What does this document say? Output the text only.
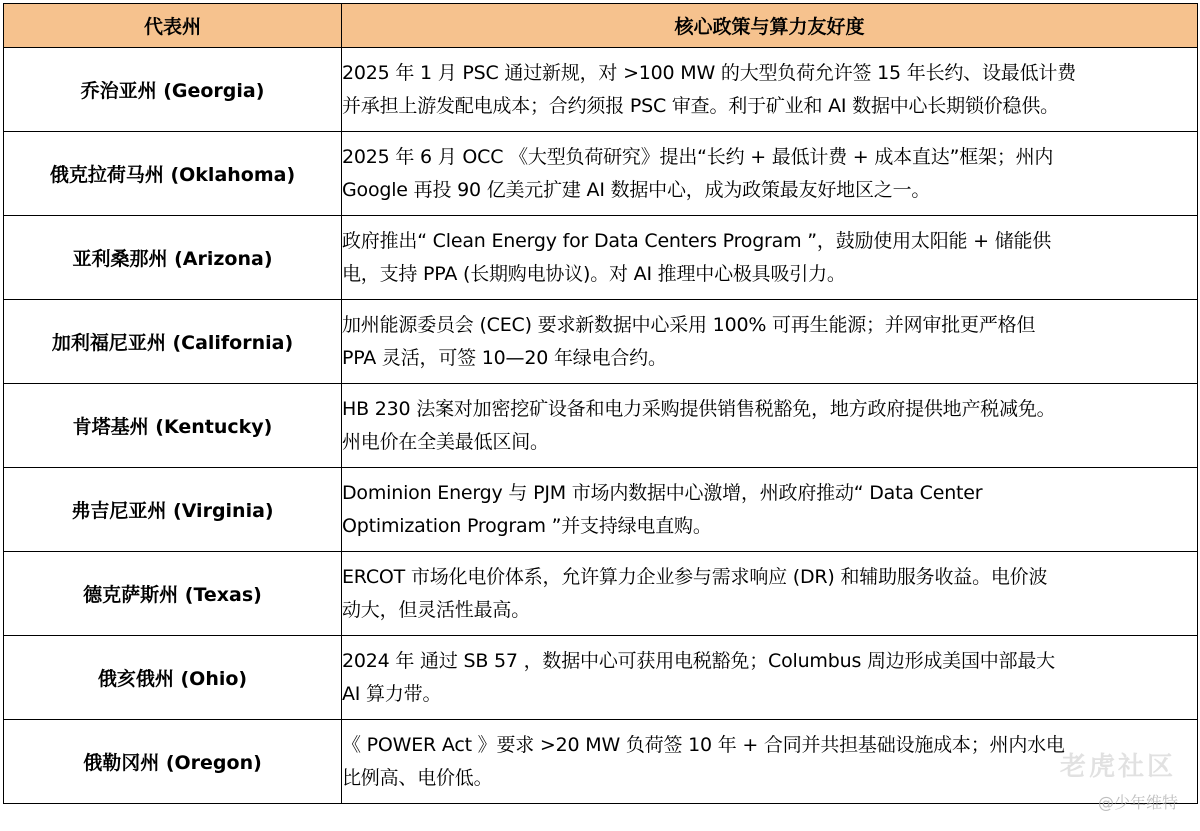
代表州	核心政策与算力友好度
乔治亚州 (Georgia)	2025 年 1 月 PSC 通过新规，对 >100 MW 的大型负荷允许签 15 年长约、设最低计费
并承担上游发配电成本；合约须报 PSC 审查。利于矿业和 AI 数据中心长期锁价稳供。
俄克拉荷马州 (Oklahoma)	2025 年 6 月 OCC 《大型负荷研究》提出“长约 + 最低计费 + 成本直达”框架；州内
Google 再投 90 亿美元扩建 AI 数据中心，成为政策最友好地区之一。
亚利桑那州 (Arizona)	政府推出“ Clean Energy for Data Centers Program ”，鼓励使用太阳能 + 储能供
电，支持 PPA (长期购电协议)。对 AI 推理中心极具吸引力。
加利福尼亚州 (California)	加州能源委员会 (CEC) 要求新数据中心采用 100% 可再生能源；并网审批更严格但
PPA 灵活，可签 10—20 年绿电合约。
肯塔基州 (Kentucky)	HB 230 法案对加密挖矿设备和电力采购提供销售税豁免，地方政府提供地产税减免。
州电价在全美最低区间。
弗吉尼亚州 (Virginia)	Dominion Energy 与 PJM 市场内数据中心激增，州政府推动“ Data Center
Optimization Program ”并支持绿电直购。
德克萨斯州 (Texas)	ERCOT 市场化电价体系，允许算力企业参与需求响应 (DR) 和辅助服务收益。电价波
动大，但灵活性最高。
俄亥俄州 (Ohio)	2024 年 通过 SB 57 ，数据中心可获用电税豁免；Columbus 周边形成美国中部最大
AI 算力带。
俄勒冈州 (Oregon)	《 POWER Act 》要求 >20 MW 负荷签 10 年 + 合同并共担基础设施成本；州内水电
比例高、电价低。	老虎社区
@少年维特
